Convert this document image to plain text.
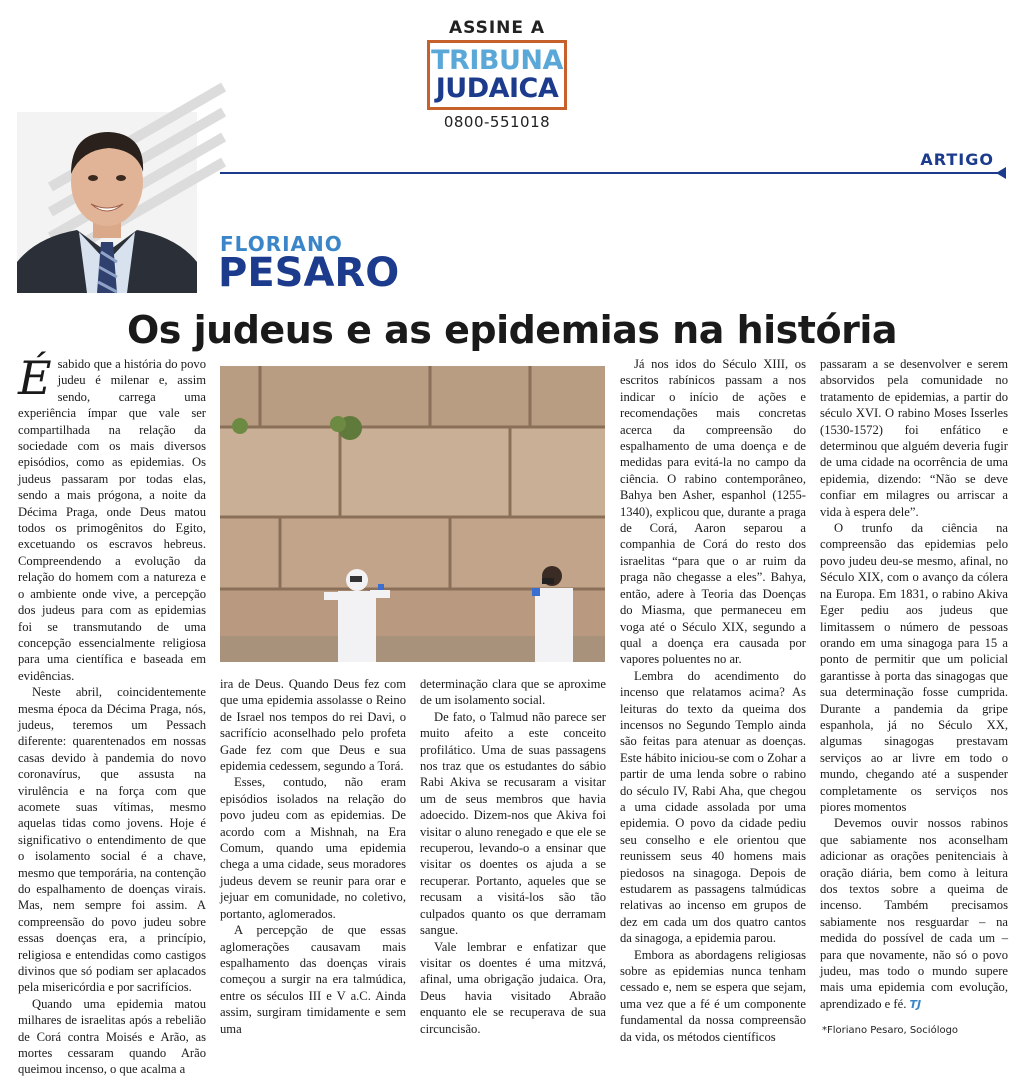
ASSINE A
TRIBUNA
JUDAICA
0800-551018
ARTIGO
FLORIANO
PESARO
Os judeus e as epidemias na história

Ésabido que a história do povo judeu é milenar e, assim sendo, carrega uma experiência ímpar que vale ser compartilhada na relação da sociedade com os mais diversos episódios, como as epidemias. Os judeus passaram por todas elas, sendo a mais prógona, a noite da Décima Praga, onde Deus matou todos os primogênitos do Egito, excetuando os escravos hebreus. Compreendendo a evolução da relação do homem com a natureza e o ambiente onde vive, a percepção dos judeus para com as epidemias foi se transmutando de uma concepção essencialmente religiosa para uma científica e baseada em evidências.

Neste abril, coincidentemente mesma época da Décima Praga, nós, judeus, teremos um Pessach diferente: quarentenados em nossas casas devido à pandemia do novo coronavírus, que assusta na virulência e na força com que acomete suas vítimas, mesmo aquelas tidas como jovens. Hoje é significativo o entendimento de que o isolamento social é a chave, mesmo que temporária, na contenção do espalhamento de doenças virais. Mas, nem sempre foi assim. A compreensão do povo judeu sobre essas doenças era, a princípio, religiosa e entendidas como castigos divinos que só podiam ser aplacados pela misericórdia e por sacrifícios.

Quando uma epidemia matou milhares de israelitas após a rebelião de Corá contra Moisés e Arão, as mortes cessaram quando Arão queimou incenso, o que acalma a

ira de Deus. Quando Deus fez com que uma epidemia assolasse o Reino de Israel nos tempos do rei Davi, o sacrifício aconselhado pelo profeta Gade fez com que Deus e sua epidemia cedessem, segundo a Torá.

Esses, contudo, não eram episódios isolados na relação do povo judeu com as epidemias. De acordo com a Mishnah, na Era Comum, quando uma epidemia chega a uma cidade, seus moradores judeus devem se reunir para orar e jejuar em comunidade, no coletivo, portanto, aglomerados.

A percepção de que essas aglomerações causavam mais espalhamento das doenças virais começou a surgir na era talmúdica, entre os séculos III e V a.C. Ainda assim, surgiram timidamente e sem uma

determinação clara que se aproxime de um isolamento social.

De fato, o Talmud não parece ser muito afeito a este conceito profilático. Uma de suas passagens nos traz que os estudantes do sábio Rabi Akiva se recusaram a visitar um de seus membros que havia adoecido. Dizem-nos que Akiva foi visitar o aluno renegado e que ele se recuperou, levando-o a ensinar que visitar os doentes os ajuda a se recuperar. Portanto, aqueles que se recusam a visitá-los são tão culpados quanto os que derramam sangue.

Vale lembrar e enfatizar que visitar os doentes é uma mitzvá, afinal, uma obrigação judaica. Ora, Deus havia visitado Abraão enquanto ele se recuperava de sua circuncisão.

Já nos idos do Século XIII, os escritos rabínicos passam a nos indicar o início de ações e recomendações mais concretas acerca da compreensão do espalhamento de uma doença e de medidas para evitá-la no campo da ciência. O rabino contemporâneo, Bahya ben Asher, espanhol (1255-1340), explicou que, durante a praga de Corá, Aaron separou a companhia de Corá do resto dos israelitas “para que o ar ruim da praga não chegasse a eles”. Bahya, então, adere à Teoria das Doenças do Miasma, que permaneceu em voga até o Século XIX, segundo a qual a doença era causada por vapores poluentes no ar.

Lembra do acendimento do incenso que relatamos acima? As leituras do texto da queima dos incensos no Segundo Templo ainda são feitas para atenuar as doenças. Este hábito iniciou-se com o Zohar a partir de uma lenda sobre o rabino do século IV, Rabi Aha, que chegou a uma cidade assolada por uma epidemia. O povo da cidade pediu seu conselho e ele orientou que reunissem seus 40 homens mais piedosos na sinagoga. Depois de estudarem as passagens talmúdicas relativas ao incenso em grupos de dez em cada um dos quatro cantos da sinagoga, a epidemia parou.

Embora as abordagens religiosas sobre as epidemias nunca tenham cessado e, nem se espera que sejam, uma vez que a fé é um componente fundamental da nossa compreensão da vida, os métodos científicos

passaram a se desenvolver e serem absorvidos pela comunidade no tratamento de epidemias, a partir do século XVI. O rabino Moses Isserles (1530-1572) foi enfático e determinou que alguém deveria fugir de uma cidade na ocorrência de uma epidemia, dizendo: “Não se deve confiar em milagres ou arriscar a vida à espera dele”.

O trunfo da ciência na compreensão das epidemias pelo povo judeu deu-se mesmo, afinal, no Século XIX, com o avanço da cólera na Europa. Em 1831, o rabino Akiva Eger pediu aos judeus que limitassem o número de pessoas orando em uma sinagoga para 15 a ponto de permitir que um policial garantisse à porta das sinagogas que sua determinação fosse cumprida. Durante a pandemia da gripe espanhola, já no Século XX, algumas sinagogas prestavam serviços ao ar livre em todo o mundo, chegando até a suspender completamente os serviços nos piores momentos

Devemos ouvir nossos rabinos que sabiamente nos aconselham adicionar as orações penitenciais à oração diária, bem como à leitura dos textos sobre a queima de incenso. Também precisamos sabiamente nos resguardar – na medida do possível de cada um – para que novamente, não só o povo judeu, mas todo o mundo supere mais uma epidemia com evolução, aprendizado e fé. TJ

*Floriano Pesaro, Sociólogo
